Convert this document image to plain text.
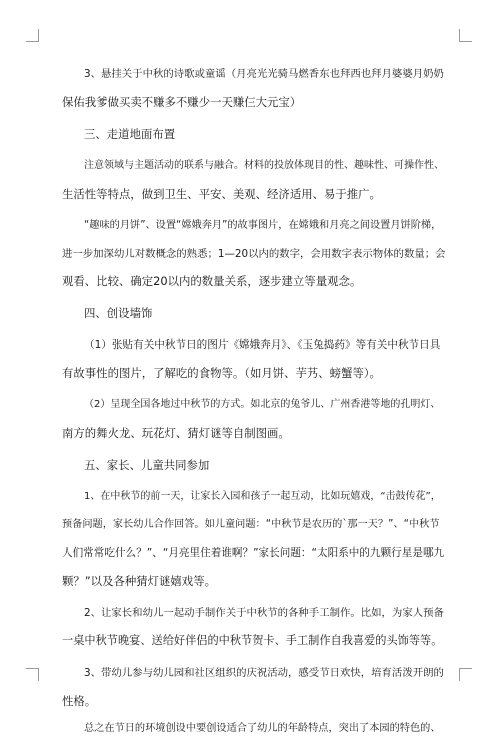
3、悬挂关于中秋的诗歌或童谣（月亮光光骑马燃香东也拜西也拜月婆婆月奶奶
保佑我爹做买卖不赚多不赚少一天赚仨大元宝）
三、走道地面布置
注意领域与主题活动的联系与融合。材料的投放体现目的性、趣味性、可操作性、
生活性等特点，做到卫生、平安、美观、经济适用、易于推广。
“趣味的月饼”、设置“嫦娥奔月”的故事图片，在嫦娥和月亮之间设置月饼阶梯，
进一步加深幼儿对数概念的熟悉；1—20以内的数字，会用数字表示物体的数量；会
观看、比较、确定20以内的数量关系，逐步建立等量观念。
四、创设墙饰
（1）张贴有关中秋节日的图片《嫦娥奔月》、《玉兔捣药》等有关中秋节日具
有故事性的图片，了解吃的食物等。（如月饼、芋艿、螃蟹等）。
（2）呈现全国各地过中秋节的方式。如北京的兔爷儿、广州香港等地的孔明灯、
南方的舞火龙、玩花灯、猜灯谜等自制图画。
五、家长、儿童共同参加
1、在中秋节的前一天，让家长入园和孩子一起互动，比如玩嬉戏，“击鼓传花”，
预备问题，家长幼儿合作回答。如儿童问题：“中秋节是农历的`那一天？”、“中秋节
人们常常吃什么？”、“月亮里住着谁啊？”家长问题：“太阳系中的九颗行星是哪九
颗？”以及各种猜灯谜嬉戏等。
2、让家长和幼儿一起动手制作关于中秋节的各种手工制作。比如，为家人预备
一桌中秋节晚宴、送给好伴侣的中秋节贺卡、手工制作自我喜爱的头饰等等。
3、带幼儿参与幼儿园和社区组织的庆祝活动，感受节日欢快，培育活泼开朗的
性格。
总之在节日的环境创设中要创设适合了幼儿的年龄特点，突出了本园的特色的、
